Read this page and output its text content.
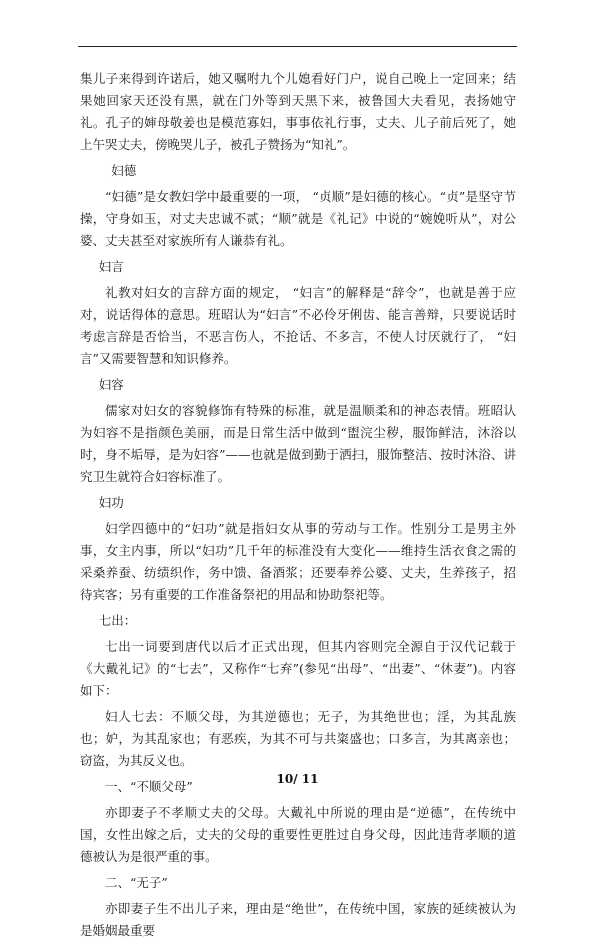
集儿子来得到许诺后，她又嘱咐九个儿媳看好门户，说自己晚上一定回来；结果她回家天还没有黑，就在门外等到天黑下来，被鲁国大夫看见，表扬她守礼。孔子的婶母敬姜也是模范寡妇，事事依礼行事，丈夫、儿子前后死了，她上午哭丈夫，傍晚哭儿子，被孔子赞扬为“知礼”。

妇德

“妇德”是女教妇学中最重要的一项， “贞顺”是妇德的核心。“贞”是坚守节操，守身如玉，对丈夫忠诚不贰；“顺”就是《礼记》中说的“婉娩听从”，对公婆、丈夫甚至对家族所有人谦恭有礼。

妇言

礼教对妇女的言辞方面的规定， “妇言”的解释是“辞令”，也就是善于应对，说话得体的意思。班昭认为“妇言”不必伶牙俐齿、能言善辩，只要说话时考虑言辞是否恰当，不恶言伤人，不抢话、不多言，不使人讨厌就行了， “妇言”又需要智慧和知识修养。

妇容

儒家对妇女的容貌修饰有特殊的标准，就是温顺柔和的神态表情。班昭认为妇容不是指颜色美丽，而是日常生活中做到“盥浣尘秽，服饰鲜洁，沐浴以时，身不垢辱，是为妇容”——也就是做到勤于洒扫，服饰整洁、按时沐浴、讲究卫生就符合妇容标准了。

妇功

妇学四德中的“妇功”就是指妇女从事的劳动与工作。性别分工是男主外事，女主内事，所以“妇功”几千年的标准没有大变化——维持生活衣食之需的采桑养蚕、纺绩织作，务中馈、备酒浆；还要奉养公婆、丈夫，生养孩子，招待宾客；另有重要的工作准备祭祀的用品和协助祭祀等。

七出：

七出一词要到唐代以后才正式出现，但其内容则完全源自于汉代记载于《大戴礼记》的“七去”，又称作“七弃”(参见“出母”、“出妻”、“休妻”)。内容如下：

妇人七去：不顺父母，为其逆德也；无子，为其绝世也；淫，为其乱族也；妒，为其乱家也；有恶疾，为其不可与共粢盛也；口多言，为其离亲也；窃盗，为其反义也。

一、“不顺父母”

亦即妻子不孝顺丈夫的父母。大戴礼中所说的理由是“逆德”，在传统中国，女性出嫁之后，丈夫的父母的重要性更胜过自身父母，因此违背孝顺的道德被认为是很严重的事。

二、“无子”

亦即妻子生不出儿子来，理由是“绝世”，在传统中国，家族的延续被认为是婚姻最重要

10/ 11
